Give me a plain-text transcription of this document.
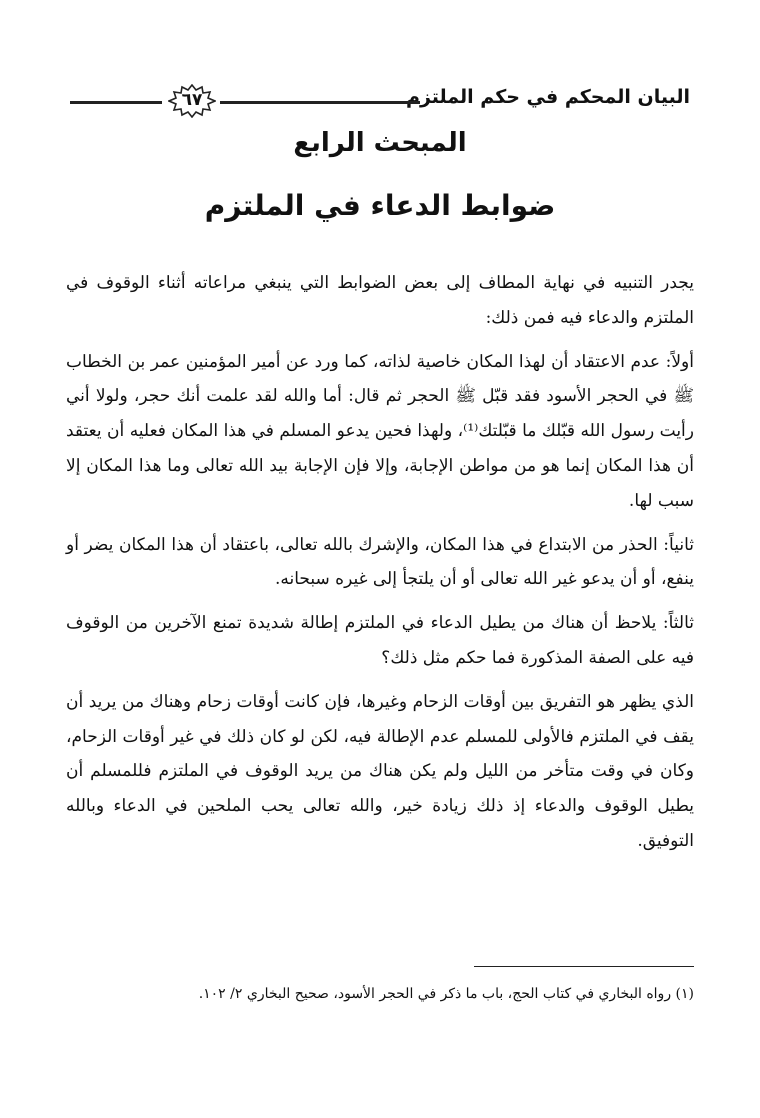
البيان المحكم في حكم الملتزم
٦٧
المبحث الرابع
ضوابط الدعاء في الملتزم

يجدر التنبيه في نهاية المطاف إلى بعض الضوابط التي ينبغي مراعاته أثناء الوقوف في الملتزم والدعاء فيه فمن ذلك:

أولاً: عدم الاعتقاد أن لهذا المكان خاصية لذاته، كما ورد عن أمير المؤمنين عمر بن الخطاب ﷺ في الحجر الأسود فقد قبّل ﷺ الحجر ثم قال: أما والله لقد علمت أنك حجر، ولولا أني رأيت رسول الله قبّلك ما قبّلتك⁽¹⁾، ولهذا فحين يدعو المسلم في هذا المكان فعليه أن يعتقد أن هذا المكان إنما هو من مواطن الإجابة، وإلا فإن الإجابة بيد الله تعالى وما هذا المكان إلا سبب لها.

ثانياً: الحذر من الابتداع في هذا المكان، والإشرك بالله تعالى، باعتقاد أن هذا المكان يضر أو ينفع، أو أن يدعو غير الله تعالى أو أن يلتجأ إلى غيره سبحانه.

ثالثاً: يلاحظ أن هناك من يطيل الدعاء في الملتزم إطالة شديدة تمنع الآخرين من الوقوف فيه على الصفة المذكورة فما حكم مثل ذلك؟

الذي يظهر هو التفريق بين أوقات الزحام وغيرها، فإن كانت أوقات زحام وهناك من يريد أن يقف في الملتزم فالأولى للمسلم عدم الإطالة فيه، لكن لو كان ذلك في غير أوقات الزحام، وكان في وقت متأخر من الليل ولم يكن هناك من يريد الوقوف في الملتزم فللمسلم أن يطيل الوقوف والدعاء إذ ذلك زيادة خير، والله تعالى يحب الملحين في الدعاء وبالله التوفيق.

(١) رواه البخاري في كتاب الحج، باب ما ذكر في الحجر الأسود، صحيح البخاري ٢/ ١٠٢.
